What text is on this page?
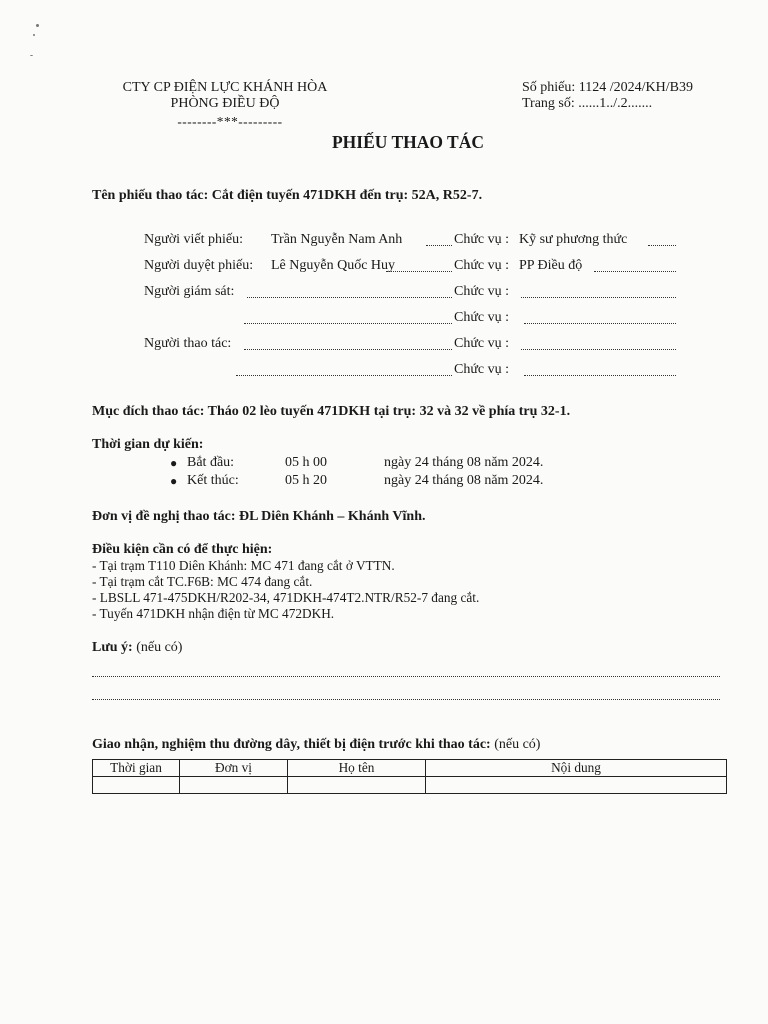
CTY CP ĐIỆN LỰC KHÁNH HÒA
PHÒNG ĐIỀU ĐỘ
--------***---------
Số phiếu: 1124 /2024/KH/B39
Trang số: ......1../.2.......
PHIẾU THAO TÁC
Tên phiếu thao tác: Cắt điện tuyến 471DKH đến trụ: 52A, R52-7.
Người viết phiếu: Trần Nguyễn Nam Anh	Chức vụ : Kỹ sư phương thức
Người duyệt phiếu: Lê Nguyễn Quốc Huy	Chức vụ : PP Điều độ
Người giám sát:	Chức vụ :
Chức vụ :
Người thao tác:	Chức vụ :
Chức vụ :
Mục đích thao tác: Tháo 02 lèo tuyến 471DKH tại trụ: 32 và 32 về phía trụ 32-1.
Thời gian dự kiến:
● Bắt đầu:	05 h 00	ngày 24 tháng 08 năm 2024.
● Kết thúc:	05 h 20	ngày 24 tháng 08 năm 2024.
Đơn vị đề nghị thao tác: ĐL Diên Khánh – Khánh Vĩnh.
Điều kiện cần có để thực hiện:
- Tại trạm T110 Diên Khánh: MC 471 đang cắt ở VTTN.
- Tại trạm cắt TC.F6B: MC 474 đang cắt.
- LBSLL 471-475DKH/R202-34, 471DKH-474T2.NTR/R52-7 đang cắt.
- Tuyến 471DKH nhận điện từ MC 472DKH.
Lưu ý: (nếu có)
Giao nhận, nghiệm thu đường dây, thiết bị điện trước khi thao tác: (nếu có)
Thời gian	Đơn vị	Họ tên	Nội dung
